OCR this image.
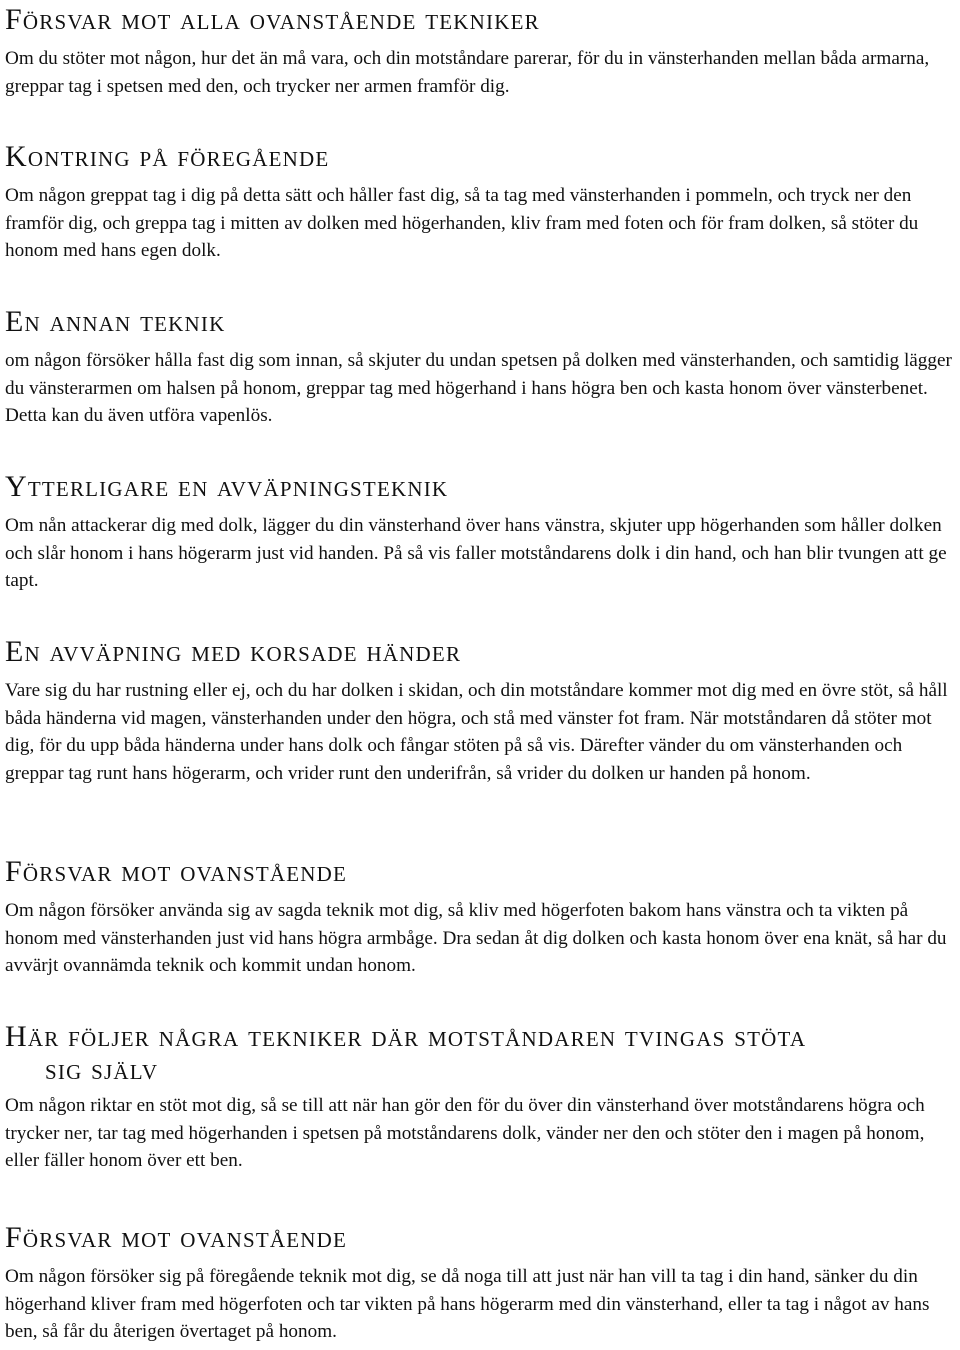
Försvar mot alla ovanstående tekniker

Om du stöter mot någon, hur det än må vara, och din motståndare parerar, för du in vänsterhanden mellan båda armarna, greppar tag i spetsen med den, och trycker ner armen framför dig.

Kontring på föregående

Om någon greppat tag i dig på detta sätt och håller fast dig, så ta tag med vänsterhanden i pommeln, och tryck ner den framför dig, och greppa tag i mitten av dolken med högerhanden, kliv fram med foten och för fram dolken, så stöter du honom med hans egen dolk.

En annan teknik

om någon försöker hålla fast dig som innan, så skjuter du undan spetsen på dolken med vänsterhanden, och samtidig lägger du vänsterarmen om halsen på honom, greppar tag med högerhand i hans högra ben och kasta honom över vänsterbenet. Detta kan du även utföra vapenlös.

Ytterligare en avväpningsteknik

Om nån attackerar dig med dolk, lägger du din vänsterhand över hans vänstra, skjuter upp högerhanden som håller dolken och slår honom i hans högerarm just vid handen. På så vis faller motståndarens dolk i din hand, och han blir tvungen att ge tapt.

En avväpning med korsade händer

Vare sig du har rustning eller ej, och du har dolken i skidan, och din motståndare kommer mot dig med en övre stöt, så håll båda händerna vid magen, vänsterhanden under den högra, och stå med vänster fot fram. När motståndaren då stöter mot dig, för du upp båda händerna under hans dolk och fångar stöten på så vis. Därefter vänder du om vänsterhanden och greppar tag runt hans högerarm, och vrider runt den underifrån, så vrider du dolken ur handen på honom.

Försvar mot ovanstående

Om någon försöker använda sig av sagda teknik mot dig, så kliv med högerfoten bakom hans vänstra och ta vikten på honom med vänsterhanden just vid hans högra armbåge. Dra sedan åt dig dolken och kasta honom över ena knät, så har du avvärjt ovannämda teknik och kommit undan honom.

Här följer några tekniker där motståndaren tvingas stöta
sig själv

Om någon riktar en stöt mot dig, så se till att när han gör den för du över din vänsterhand över motståndarens högra och trycker ner, tar tag med högerhanden i spetsen på motståndarens dolk, vänder ner den och stöter den i magen på honom, eller fäller honom över ett ben.

Försvar mot ovanstående

Om någon försöker sig på föregående teknik mot dig, se då noga till att just när han vill ta tag i din hand, sänker du din högerhand kliver fram med högerfoten och tar vikten på hans högerarm med din vänsterhand, eller ta tag i något av hans ben, så får du återigen övertaget på honom.
